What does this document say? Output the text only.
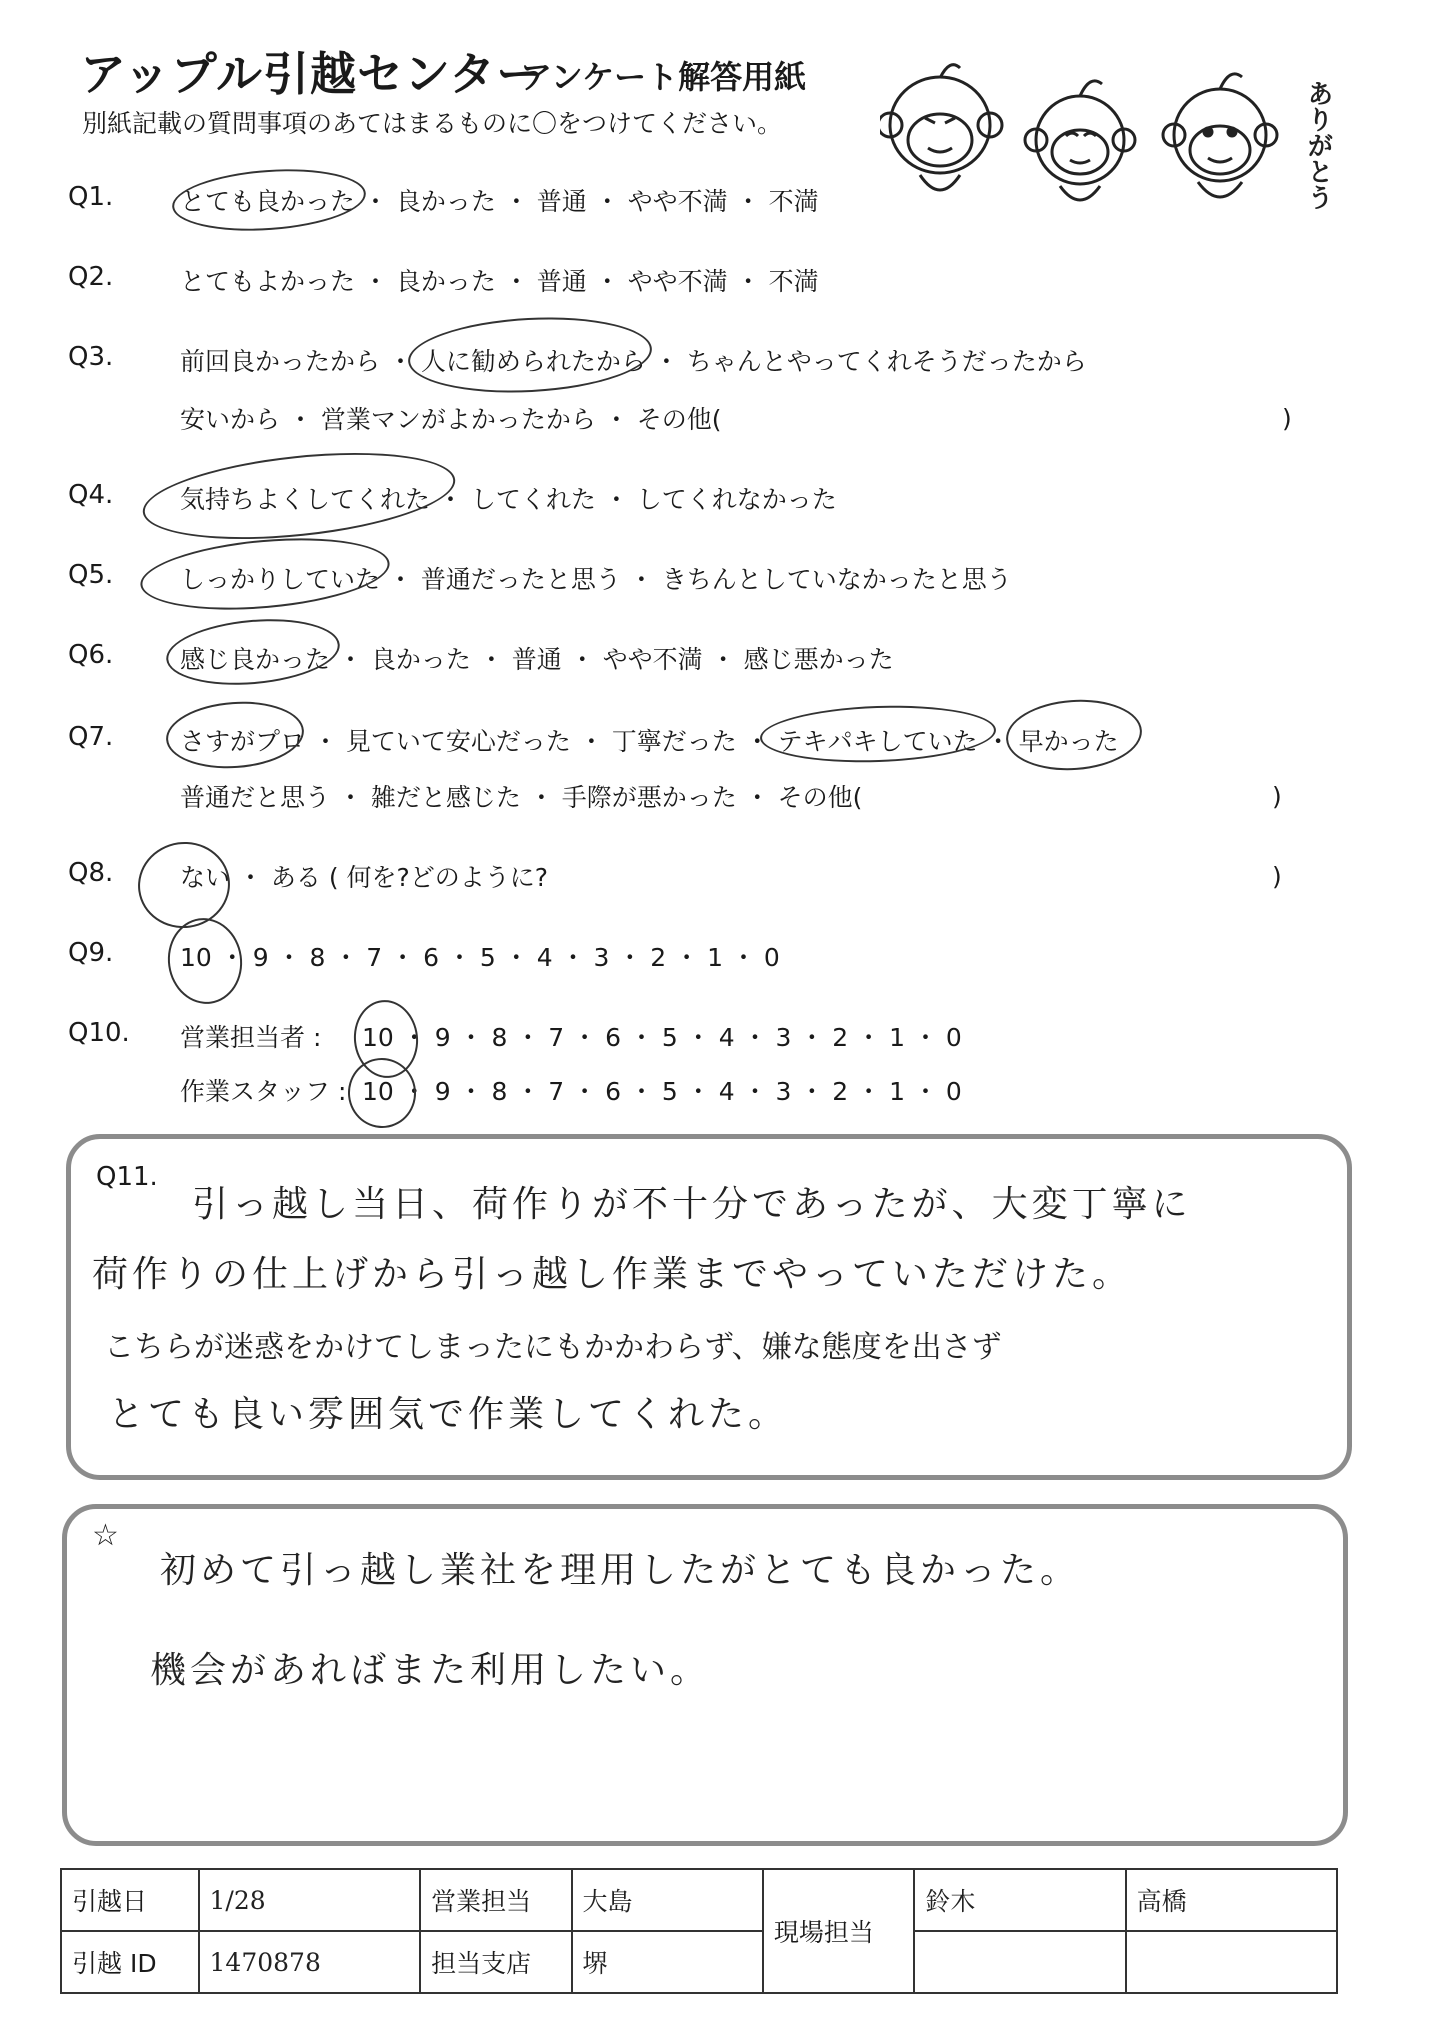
アップル引越センター
アンケート解答用紙
別紙記載の質問事項のあてはまるものに〇をつけてください。	ありがとう
Q1.	とても良かった ・ 良かった ・ 普通 ・ やや不満 ・ 不満
Q2.	とてもよかった ・ 良かった ・ 普通 ・ やや不満 ・ 不満
Q3.	前回良かったから ・ 人に勧められたから ・ ちゃんとやってくれそうだったから
安いから ・ 営業マンがよかったから ・ その他(	)
Q4.	気持ちよくしてくれた ・ してくれた ・ してくれなかった
Q5.	しっかりしていた ・ 普通だったと思う ・ きちんとしていなかったと思う
Q6.	感じ良かった ・ 良かった ・ 普通 ・ やや不満 ・ 感じ悪かった
Q7.	さすがプロ ・ 見ていて安心だった ・ 丁寧だった ・ テキパキしていた ・ 早かった
普通だと思う ・ 雑だと感じた ・ 手際が悪かった ・ その他(	)
Q8.	ない ・ ある ( 何を?どのように?	)
Q9.	10 ・ 9 ・ 8 ・ 7 ・ 6 ・ 5 ・ 4 ・ 3 ・ 2 ・ 1 ・ 0
Q10. 営業担当者 : 10 ・ 9 ・ 8 ・ 7 ・ 6 ・ 5 ・ 4 ・ 3 ・ 2 ・ 1 ・ 0
作業スタッフ : 10 ・ 9 ・ 8 ・ 7 ・ 6 ・ 5 ・ 4 ・ 3 ・ 2 ・ 1 ・ 0
Q11.
引っ越し当日、荷作りが不十分であったが、大変丁寧に
荷作りの仕上げから引っ越し作業までやっていただけた。
こちらが迷惑をかけてしまったにもかかわらず、嫌な態度を出さず
とても良い雰囲気で作業してくれた。
☆
初めて引っ越し業社を理用したがとても良かった。
機会があればまた利用したい。
引越日	1/28	営業担当	大島	現場担当	鈴木	高橋
引越 ID	1470878	担当支店	堺			
